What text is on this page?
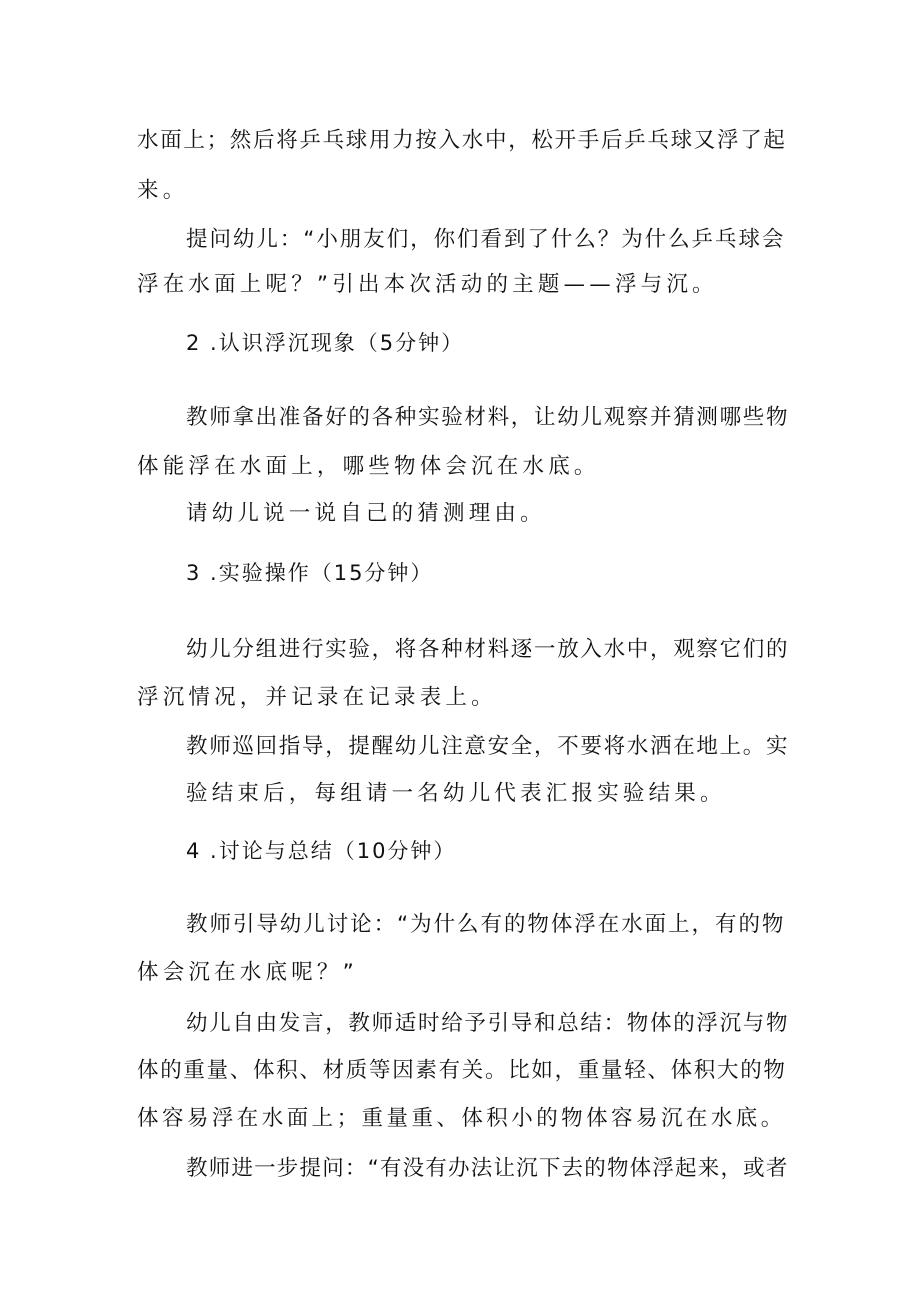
水面上；然后将乒乓球用力按入水中，松开手后乒乓球又浮了起
来。
提问幼儿：“小朋友们，你们看到了什么？为什么乒乓球会
浮在水面上呢？”引出本次活动的主题——浮与沉。
2 .认识浮沉现象（5分钟）
教师拿出准备好的各种实验材料，让幼儿观察并猜测哪些物
体能浮在水面上，哪些物体会沉在水底。
请幼儿说一说自己的猜测理由。
3 .实验操作（15分钟）
幼儿分组进行实验，将各种材料逐一放入水中，观察它们的
浮沉情况，并记录在记录表上。
教师巡回指导，提醒幼儿注意安全，不要将水洒在地上。实
验结束后，每组请一名幼儿代表汇报实验结果。
4 .讨论与总结（10分钟）
教师引导幼儿讨论：“为什么有的物体浮在水面上，有的物
体会沉在水底呢？”
幼儿自由发言，教师适时给予引导和总结：物体的浮沉与物
体的重量、体积、材质等因素有关。比如，重量轻、体积大的物
体容易浮在水面上；重量重、体积小的物体容易沉在水底。
教师进一步提问：“有没有办法让沉下去的物体浮起来，或者
